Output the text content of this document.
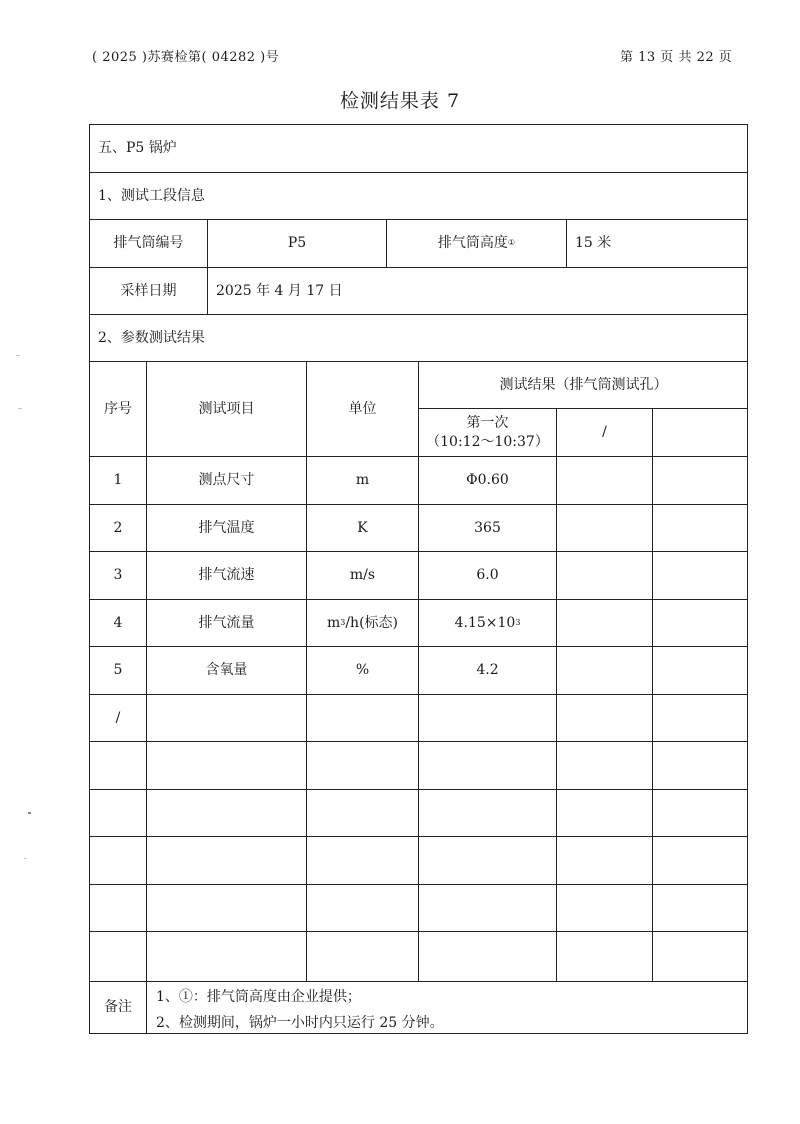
( 2025 )苏赛检第( 04282 )号	第 13 页 共 22 页
检测结果表 7
五、P5 锅炉
1、测试工段信息
排气筒编号	P5	排气筒高度 ①	15 米
采样日期	2025 年 4 月 17 日
2、参数测试结果
序号	测试项目	单位
测试结果（排气筒测试孔）
第一次
（10:12～10:37）
/
1	测点尺寸	m	Φ0.60
2	排气温度	K	365
3	排气流速	m/s	6.0
4	排气流量	m 3 /h(标态)	4.15×10 3
5	含氧量	%	4.2
/
备注
1、①：排气筒高度由企业提供；
2、检测期间，锅炉一小时内只运行 25 分钟。
